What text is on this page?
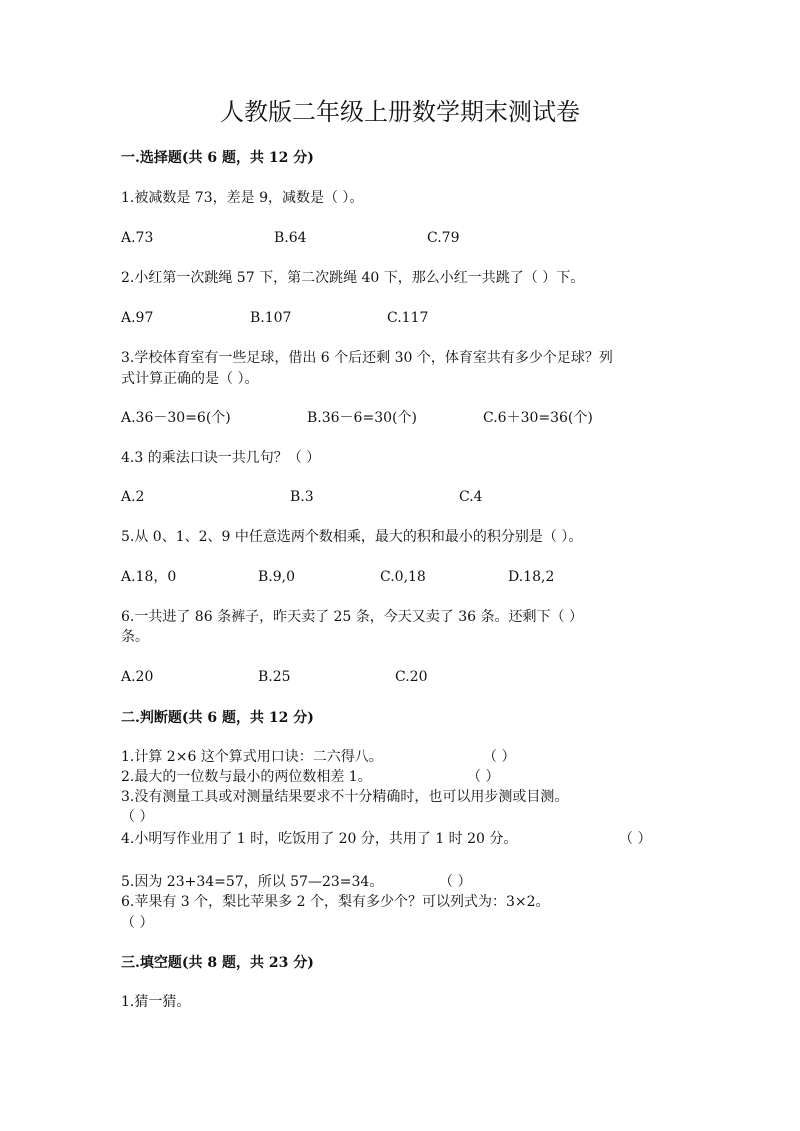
人教版二年级上册数学期末测试卷
一.选择题(共 6 题，共 12 分)
1.被减数是 73，差是 9，减数是（ ）。
A.73	B.64	C.79
2.小红第一次跳绳 57 下，第二次跳绳 40 下，那么小红一共跳了（ ）下。
A.97	B.107	C.117
3.学校体育室有一些足球，借出 6 个后还剩 30 个，体育室共有多少个足球？列
式计算正确的是（ ）。
A.36－30=6(个)	B.36－6=30(个)	C.6＋30=36(个)
4.3 的乘法口诀一共几句？（ ）
A.2	B.3	C.4
5.从 0、1、2、9 中任意选两个数相乘，最大的积和最小的积分别是（ ）。
A.18，0	B.9,0	C.0,18	D.18,2
6.一共进了 86 条裤子，昨天卖了 25 条，今天又卖了 36 条。还剩下（ ）
条。
A.20	B.25	C.20
二.判断题(共 6 题，共 12 分)
1.计算 2×6 这个算式用口诀：二六得八。	（ ）
2.最大的一位数与最小的两位数相差 1。	（ ）
3.没有测量工具或对测量结果要求不十分精确时，也可以用步测或目测。
（ ）
4.小明写作业用了 1 时，吃饭用了 20 分，共用了 1 时 20 分。	（ ）
5.因为 23+34=57，所以 57—23=34。	（ ）
6.苹果有 3 个，梨比苹果多 2 个，梨有多少个？可以列式为：3×2。
（ ）
三.填空题(共 8 题，共 23 分)
1.猜一猜。
